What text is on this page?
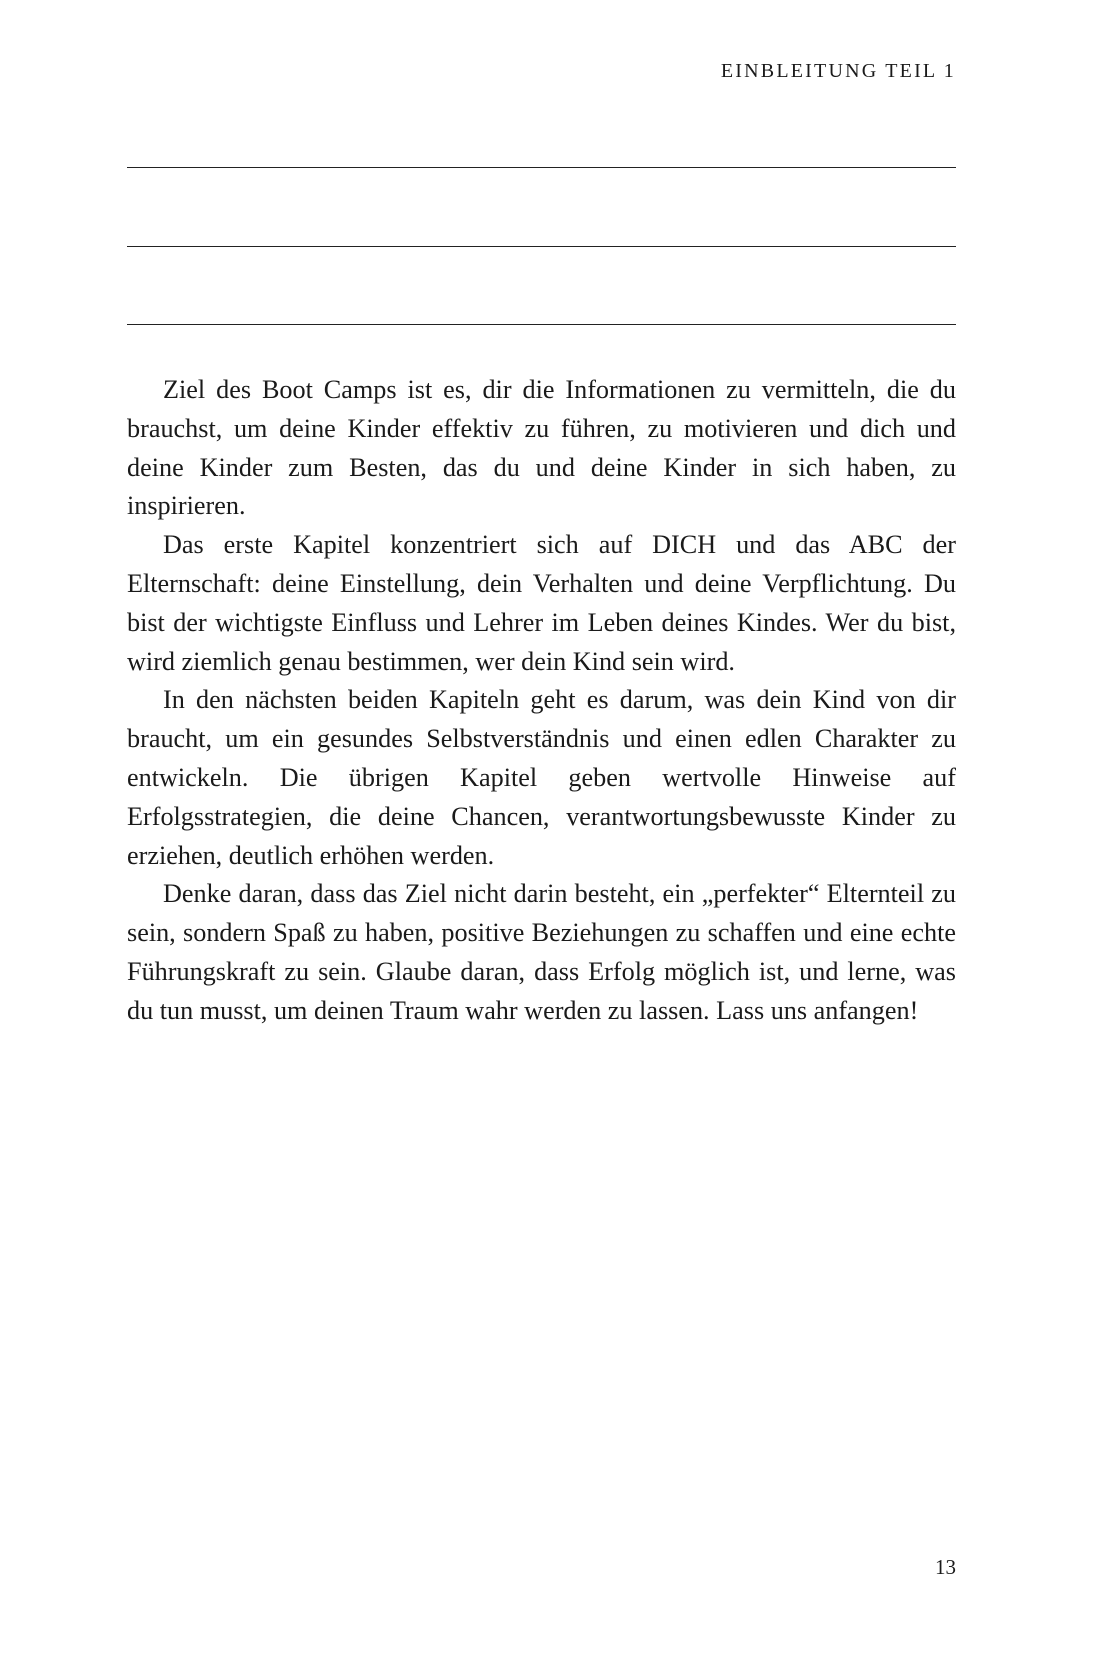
EINBLEITUNG TEIL 1

Ziel des Boot Camps ist es, dir die Informationen zu vermitteln, die du brauchst, um deine Kinder effektiv zu führen, zu motivieren und dich und deine Kinder zum Besten, das du und deine Kinder in sich haben, zu inspirieren.

Das erste Kapitel konzentriert sich auf DICH und das ABC der Elternschaft: deine Einstellung, dein Verhalten und deine Verpflichtung. Du bist der wichtigste Einfluss und Lehrer im Leben deines Kindes. Wer du bist, wird ziemlich genau bestimmen, wer dein Kind sein wird.

In den nächsten beiden Kapiteln geht es darum, was dein Kind von dir braucht, um ein gesundes Selbstverständnis und einen edlen Charakter zu entwickeln. Die übrigen Kapitel geben wertvolle Hinweise auf Erfolgsstrategien, die deine Chancen, verantwortungsbewusste Kinder zu erziehen, deutlich erhöhen werden.

Denke daran, dass das Ziel nicht darin besteht, ein „perfekter“ Elternteil zu sein, sondern Spaß zu haben, positive Beziehungen zu schaffen und eine echte Führungskraft zu sein. Glaube daran, dass Erfolg möglich ist, und lerne, was du tun musst, um deinen Traum wahr werden zu lassen. Lass uns anfangen!

13
